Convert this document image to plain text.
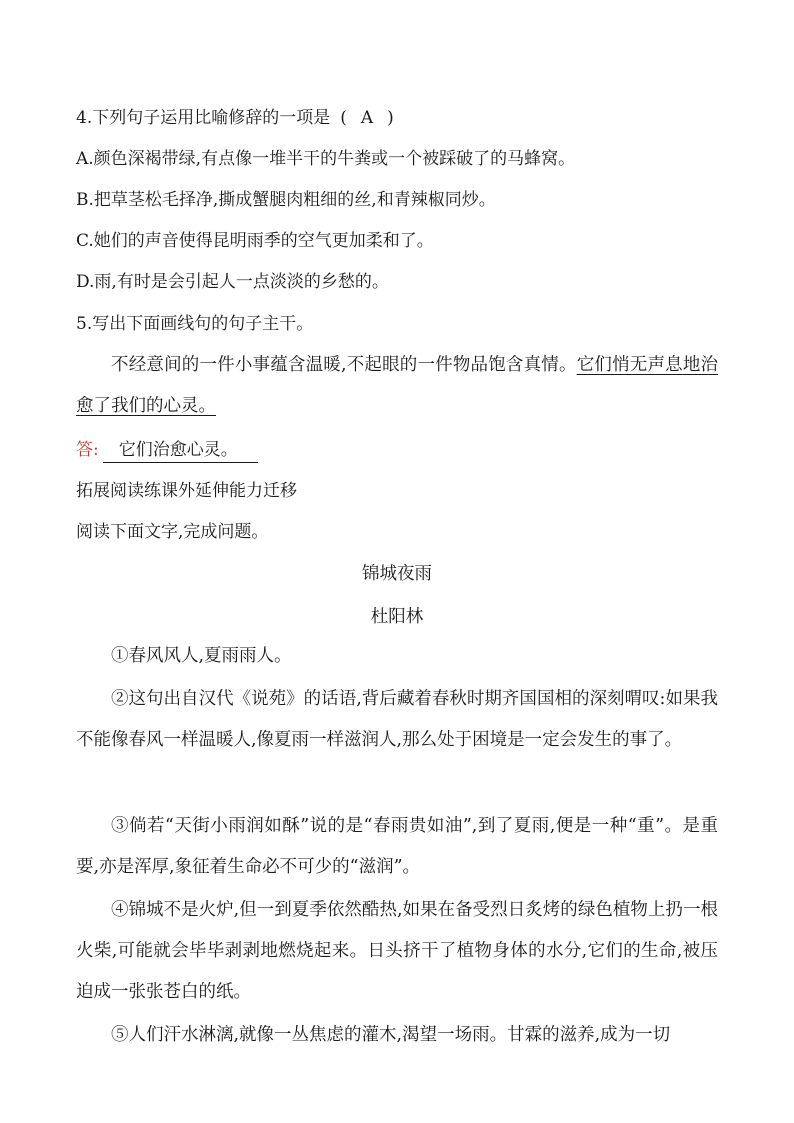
4.下列句子运用比喻修辞的一项是 ( A )
A.颜色深褐带绿,有点像一堆半干的牛粪或一个被踩破了的马蜂窝。
B.把草茎松毛择净,撕成蟹腿肉粗细的丝,和青辣椒同炒。
C.她们的声音使得昆明雨季的空气更加柔和了。
D.雨,有时是会引起人一点淡淡的乡愁的。
5.写出下面画线句的句子主干。
不经意间的一件小事蕴含温暖,不起眼的一件物品饱含真情。它们悄无声息地治愈了我们的心灵。
答: 它们治愈心灵。
拓展阅读练课外延伸能力迁移
阅读下面文字,完成问题。
锦城夜雨
杜阳林
①春风风人,夏雨雨人。
②这句出自汉代《说苑》的话语,背后藏着春秋时期齐国国相的深刻喟叹:如果我不能像春风一样温暖人,像夏雨一样滋润人,那么处于困境是一定会发生的事了。
③倘若“天街小雨润如酥”说的是“春雨贵如油”,到了夏雨,便是一种“重”。是重要,亦是浑厚,象征着生命必不可少的“滋润”。
④锦城不是火炉,但一到夏季依然酷热,如果在备受烈日炙烤的绿色植物上扔一根火柴,可能就会毕毕剥剥地燃烧起来。日头挤干了植物身体的水分,它们的生命,被压迫成一张张苍白的纸。
⑤人们汗水淋漓,就像一丛焦虑的灌木,渴望一场雨。甘霖的滋养,成为一切
